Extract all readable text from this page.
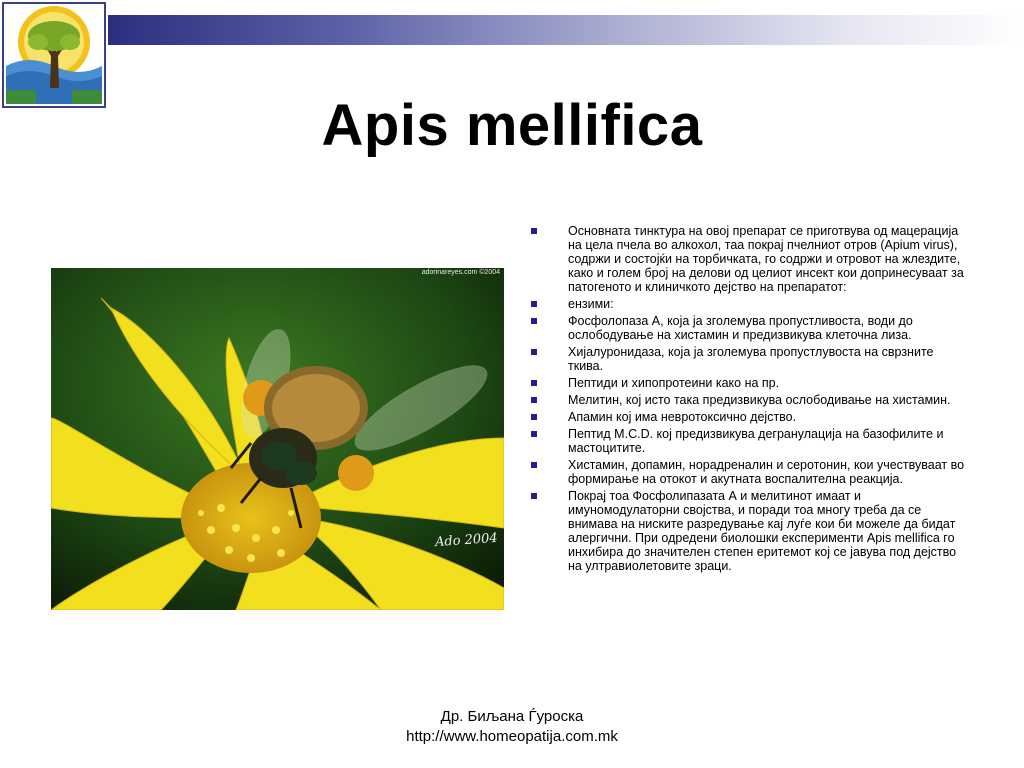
Apis mellifica
adorinareyes.com ©2004
Ado 2004
Основната тинктура на овој препарат се приготвува од мацерација на цела пчела во алкохол, таа покрај пчелниот отров (Apium virus), содржи и состојќи на торбичката, го содржи и отровот на жлездите, како и голем број на делови од целиот инсект кои допринесуваат за патогеното и клиничкото дејство на препаратот:
ензими:
Фосфолопаза А, која ја зголемува пропустливоста, води до ослободување на хистамин и предизвикува клеточна лиза.
Хијалуронидаза, која ја зголемува пропустлувоста на сврзните ткива.
Пептиди и хипопротеини како на пр.
Мелитин, кој исто така предизвикува ослободивање на хистамин.
Апамин кој има невротоксично дејство.
Пептид M.C.D. кој предизвикува дегранулација на базофилите и мастоцитите.
Хистамин, допамин, норадреналин и серотонин, кои учествуваат во формирање на отокот и акутната воспалителна реакција.
Покрај тоа Фосфолипазата А и мелитинот имаат и имуномодулаторни својства, и поради тоа многу треба да се внимава на ниските разредување кај луѓе кои би можеле да бидат алергични. При одредени биолошки експерименти Apis mellifica го инхибира до значителен степен еритемот кој се јавува под дејство на ултравиолетовите зраци.
Др. Биљана Ѓуроска
http://www.homeopatija.com.mk
